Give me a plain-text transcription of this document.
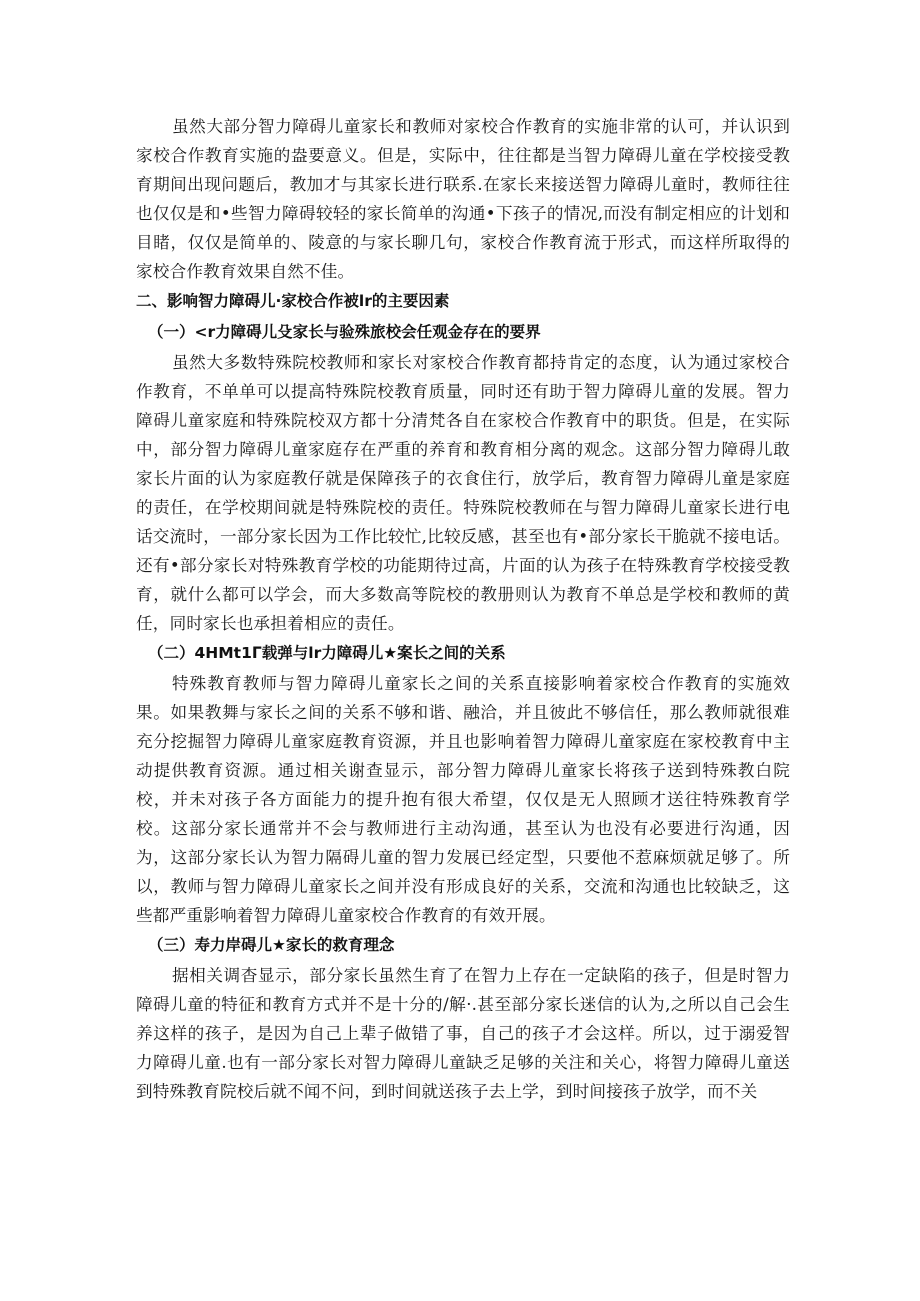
虽然大部分智力障碍儿童家长和教师对家校合作教育的实施非常的认可，并认识到家校合作教育实施的盎要意义。但是，实际中，往往都是当智力障碍儿童在学校接受教育期间出现问题后，教加才与其家长进行联系.在家长来接送智力障碍儿童时，教师往往也仅仅是和•些智力障碍较轻的家长简单的沟通•下孩子的情况,而没有制定相应的计划和目睹，仅仅是简单的、陵意的与家长聊几句，家校合作教育流于形式，而这样所取得的家校合作教育效果自然不佳。

二、影响智力障碍儿·家校合作被lr的主要因素

（一）<r力障碍儿殳家长与验殊旅校会任观金存在的要界

虽然大多数特殊院校教师和家长对家校合作教育都持肯定的态度，认为通过家校合作教育，不单单可以提高特殊院校教育质量，同时还有助于智力障碍儿童的发展。智力障碍儿童家庭和特殊院校双方都十分清梵各自在家校合作教育中的职货。但是，在实际中，部分智力障碍儿童家庭存在严重的养育和教育相分离的观念。这部分智力障碍儿敢家长片面的认为家庭教仔就是保障孩子的衣食住行，放学后，教育智力障碍儿童是家庭的责任，在学校期间就是特殊院校的责任。特殊院校教师在与智力障碍儿童家长进行电话交流时，一部分家长因为工作比较忙,比较反感，甚至也有•部分家长干脆就不接电话。还有•部分家长对特殊教育学校的功能期待过高，片面的认为孩子在特殊教育学校接受教育，就什么都可以学会，而大多数高等院校的教册则认为教育不单总是学校和教师的黄任，同时家长也承担着相应的责任。

（二）4HMt1Γ载弹与lr力障碍儿★案长之间的关系

特殊教育教师与智力障碍儿童家长之间的关系直接影响着家校合作教育的实施效果。如果教舞与家长之间的关系不够和谐、融洽，并且彼此不够信任，那么教师就很难充分挖掘智力障碍儿童家庭教育资源，并且也影响着智力障碍儿童家庭在家校教育中主动提供教育资源。通过相关谢查显示，部分智力障碍儿童家长将孩子送到特殊教白院校，并未对孩子各方面能力的提升抱有很大希望，仅仅是无人照顾才送往特殊教育学校。这部分家长通常并不会与教师进行主动沟通，甚至认为也没有必要进行沟通，因为，这部分家长认为智力隔碍儿童的智力发展已经定型，只要他不惹麻烦就足够了。所以，教师与智力障碍儿童家长之间并没有形成良好的关系，交流和沟通也比较缺乏，这些都严重影响着智力障碍儿童家校合作教育的有效开展。

（三）寿力岸碍儿★家长的救育理念

据相关调杳显示，部分家长虽然生育了在智力上存在一定缺陷的孩子，但是时智力障碍儿童的特征和教育方式并不是十分的/解·.甚至部分家长迷信的认为,之所以自己会生养这样的孩子，是因为自己上辈子做错了事，自己的孩子才会这样。所以，过于溺爱智力障碍儿童.也有一部分家长对智力障碍儿童缺乏足够的关注和关心，将智力障碍儿童送到特殊教育院校后就不闻不问，到时间就送孩子去上学，到时间接孩子放学，而不关
